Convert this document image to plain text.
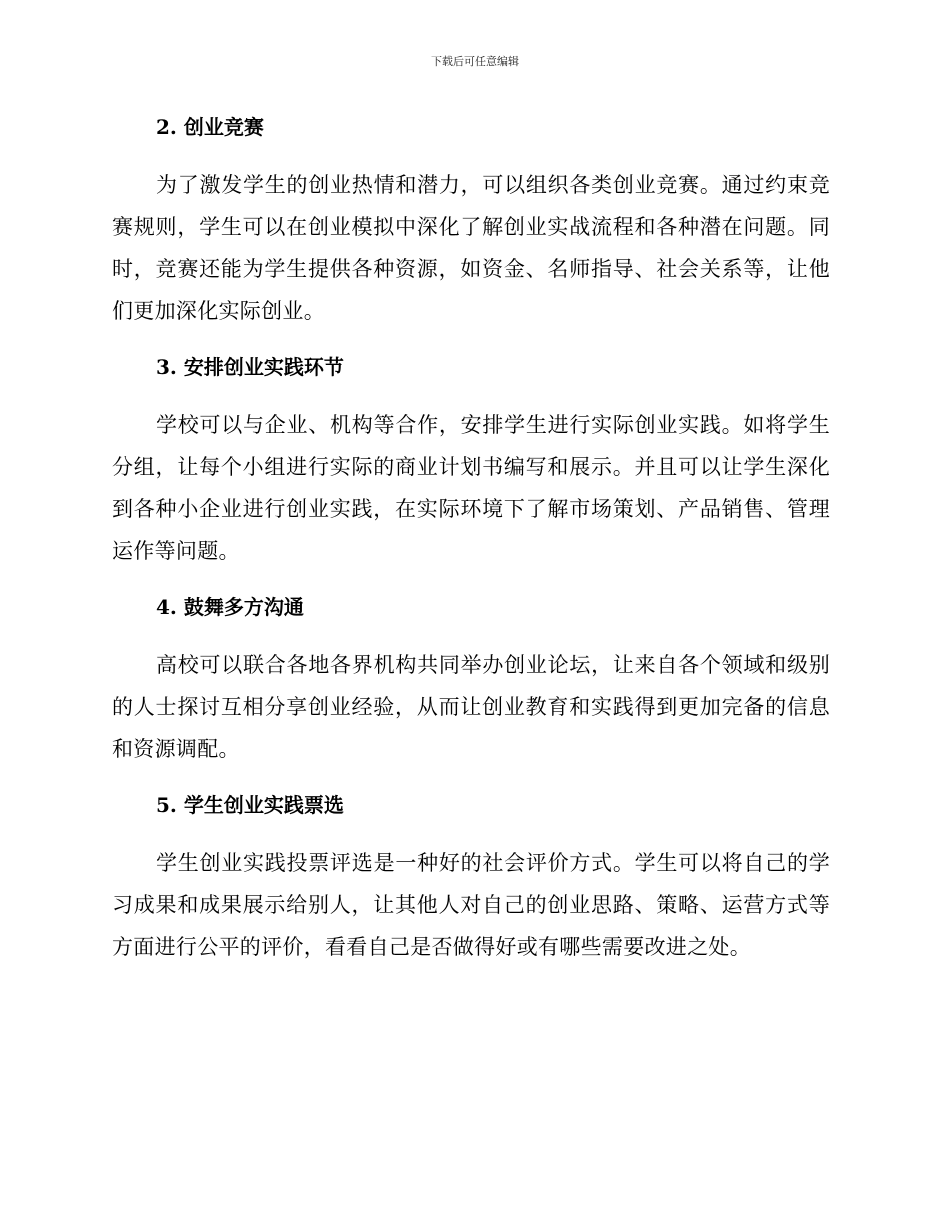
下载后可任意编辑
2. 创业竞赛

为了激发学生的创业热情和潜力，可以组织各类创业竞赛。通过约束竞赛规则，学生可以在创业模拟中深化了解创业实战流程和各种潜在问题。同时，竞赛还能为学生提供各种资源，如资金、名师指导、社会关系等，让他们更加深化实际创业。

3. 安排创业实践环节

学校可以与企业、机构等合作，安排学生进行实际创业实践。如将学生分组，让每个小组进行实际的商业计划书编写和展示。并且可以让学生深化到各种小企业进行创业实践，在实际环境下了解市场策划、产品销售、管理运作等问题。

4. 鼓舞多方沟通

高校可以联合各地各界机构共同举办创业论坛，让来自各个领域和级别的人士探讨互相分享创业经验，从而让创业教育和实践得到更加完备的信息和资源调配。

5. 学生创业实践票选

学生创业实践投票评选是一种好的社会评价方式。学生可以将自己的学习成果和成果展示给别人，让其他人对自己的创业思路、策略、运营方式等方面进行公平的评价，看看自己是否做得好或有哪些需要改进之处。
